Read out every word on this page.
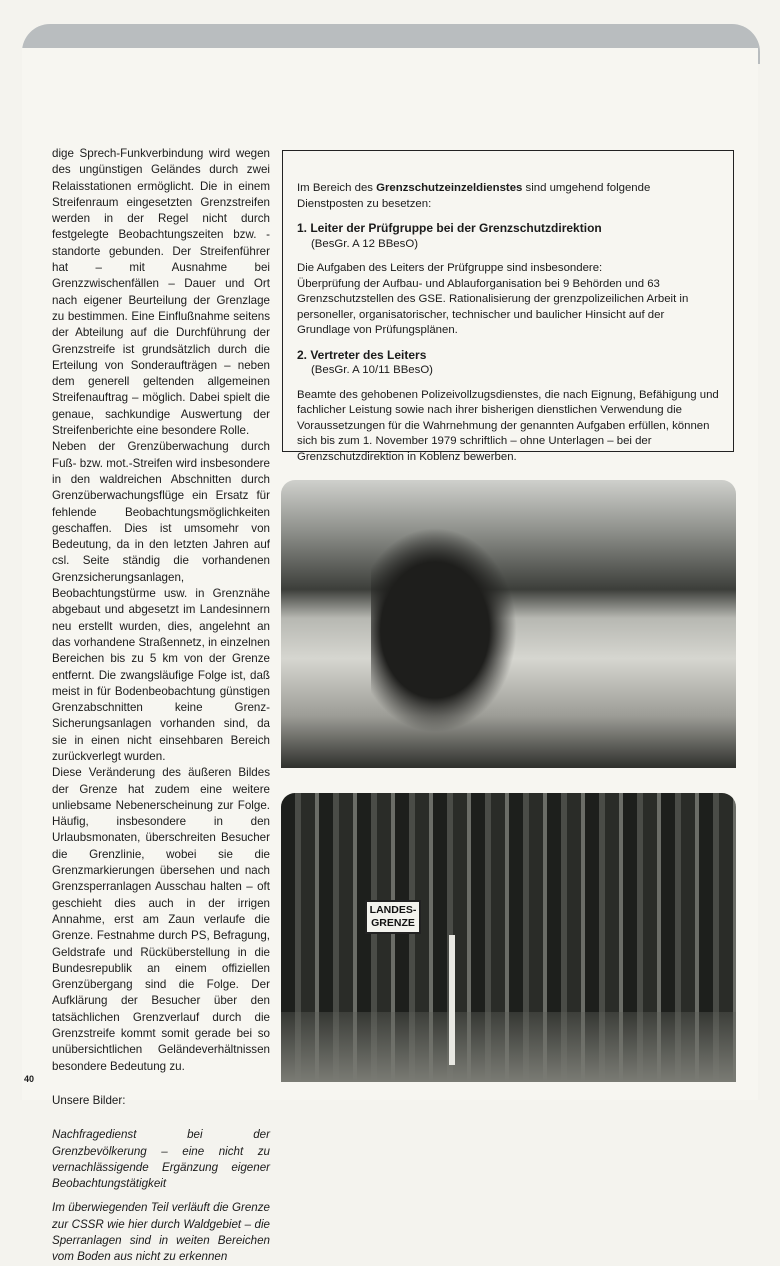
dige Sprech-Funkverbindung wird wegen des ungünstigen Geländes durch zwei Relaisstationen ermöglicht. Die in einem Streifenraum eingesetzten Grenzstreifen werden in der Regel nicht durch festgelegte Beobachtungszeiten bzw. -standorte gebunden. Der Streifenführer hat – mit Ausnahme bei Grenzzwischenfällen – Dauer und Ort nach eigener Beurteilung der Grenzlage zu bestimmen. Eine Einflußnahme seitens der Abteilung auf die Durchführung der Grenzstreife ist grundsätzlich durch die Erteilung von Sonderaufträgen – neben dem generell geltenden allgemeinen Streifenauftrag – möglich. Dabei spielt die genaue, sachkundige Auswertung der Streifenberichte eine besondere Rolle.

Neben der Grenzüberwachung durch Fuß- bzw. mot.-Streifen wird insbesondere in den waldreichen Abschnitten durch Grenzüberwachungsflüge ein Ersatz für fehlende Beobachtungsmöglichkeiten geschaffen. Dies ist umsomehr von Bedeutung, da in den letzten Jahren auf csl. Seite ständig die vorhandenen Grenzsicherungsanlagen, Beobachtungstürme usw. in Grenznähe abgebaut und abgesetzt im Landesinnern neu erstellt wurden, dies, angelehnt an das vorhandene Straßennetz, in einzelnen Bereichen bis zu 5 km von der Grenze entfernt. Die zwangsläufige Folge ist, daß meist in für Bodenbeobachtung günstigen Grenzabschnitten keine Grenz-Sicherungsanlagen vorhanden sind, da sie in einen nicht einsehbaren Bereich zurückverlegt wurden.

Diese Veränderung des äußeren Bildes der Grenze hat zudem eine weitere unliebsame Nebenerscheinung zur Folge. Häufig, insbesondere in den Urlaubsmonaten, überschreiten Besucher die Grenzlinie, wobei sie die Grenzmarkierungen übersehen und nach Grenzsperranlagen Ausschau halten – oft geschieht dies auch in der irrigen Annahme, erst am Zaun verlaufe die Grenze. Festnahme durch PS, Befragung, Geldstrafe und Rücküberstellung in die Bundesrepublik an einem offiziellen Grenzübergang sind die Folge. Der Aufklärung der Besucher über den tatsächlichen Grenzverlauf durch die Grenzstreife kommt somit gerade bei so unübersichtlichen Geländeverhältnissen besondere Bedeutung zu.

Unsere Bilder:

Nachfragedienst bei der Grenzbevölkerung – eine nicht zu vernachlässigende Ergänzung eigener Beobachtungstätigkeit

Im überwiegenden Teil verläuft die Grenze zur CSSR wie hier durch Waldgebiet – die Sperranlagen sind in weiten Bereichen vom Boden aus nicht zu erkennen

Im Bereich des Grenzschutzeinzeldienstes sind umgehend folgende Dienstposten zu besetzen:

1. Leiter der Prüfgruppe bei der Grenzschutzdirektion

(BesGr. A 12 BBesO)

Die Aufgaben des Leiters der Prüfgruppe sind insbesondere:

Überprüfung der Aufbau- und Ablauforganisation bei 9 Behörden und 63 Grenzschutzstellen des GSE. Rationalisierung der grenzpolizeilichen Arbeit in personeller, organisatorischer, technischer und baulicher Hinsicht auf der Grundlage von Prüfungsplänen.

2. Vertreter des Leiters

(BesGr. A 10/11 BBesO)

Beamte des gehobenen Polizeivollzugsdienstes, die nach Eignung, Befähigung und fachlicher Leistung sowie nach ihrer bisherigen dienstlichen Verwendung die Voraussetzungen für die Wahrnehmung der genannten Aufgaben erfüllen, können sich bis zum 1. November 1979 schriftlich – ohne Unterlagen – bei der Grenzschutzdirektion in Koblenz bewerben.

LANDES-
GRENZE
40
